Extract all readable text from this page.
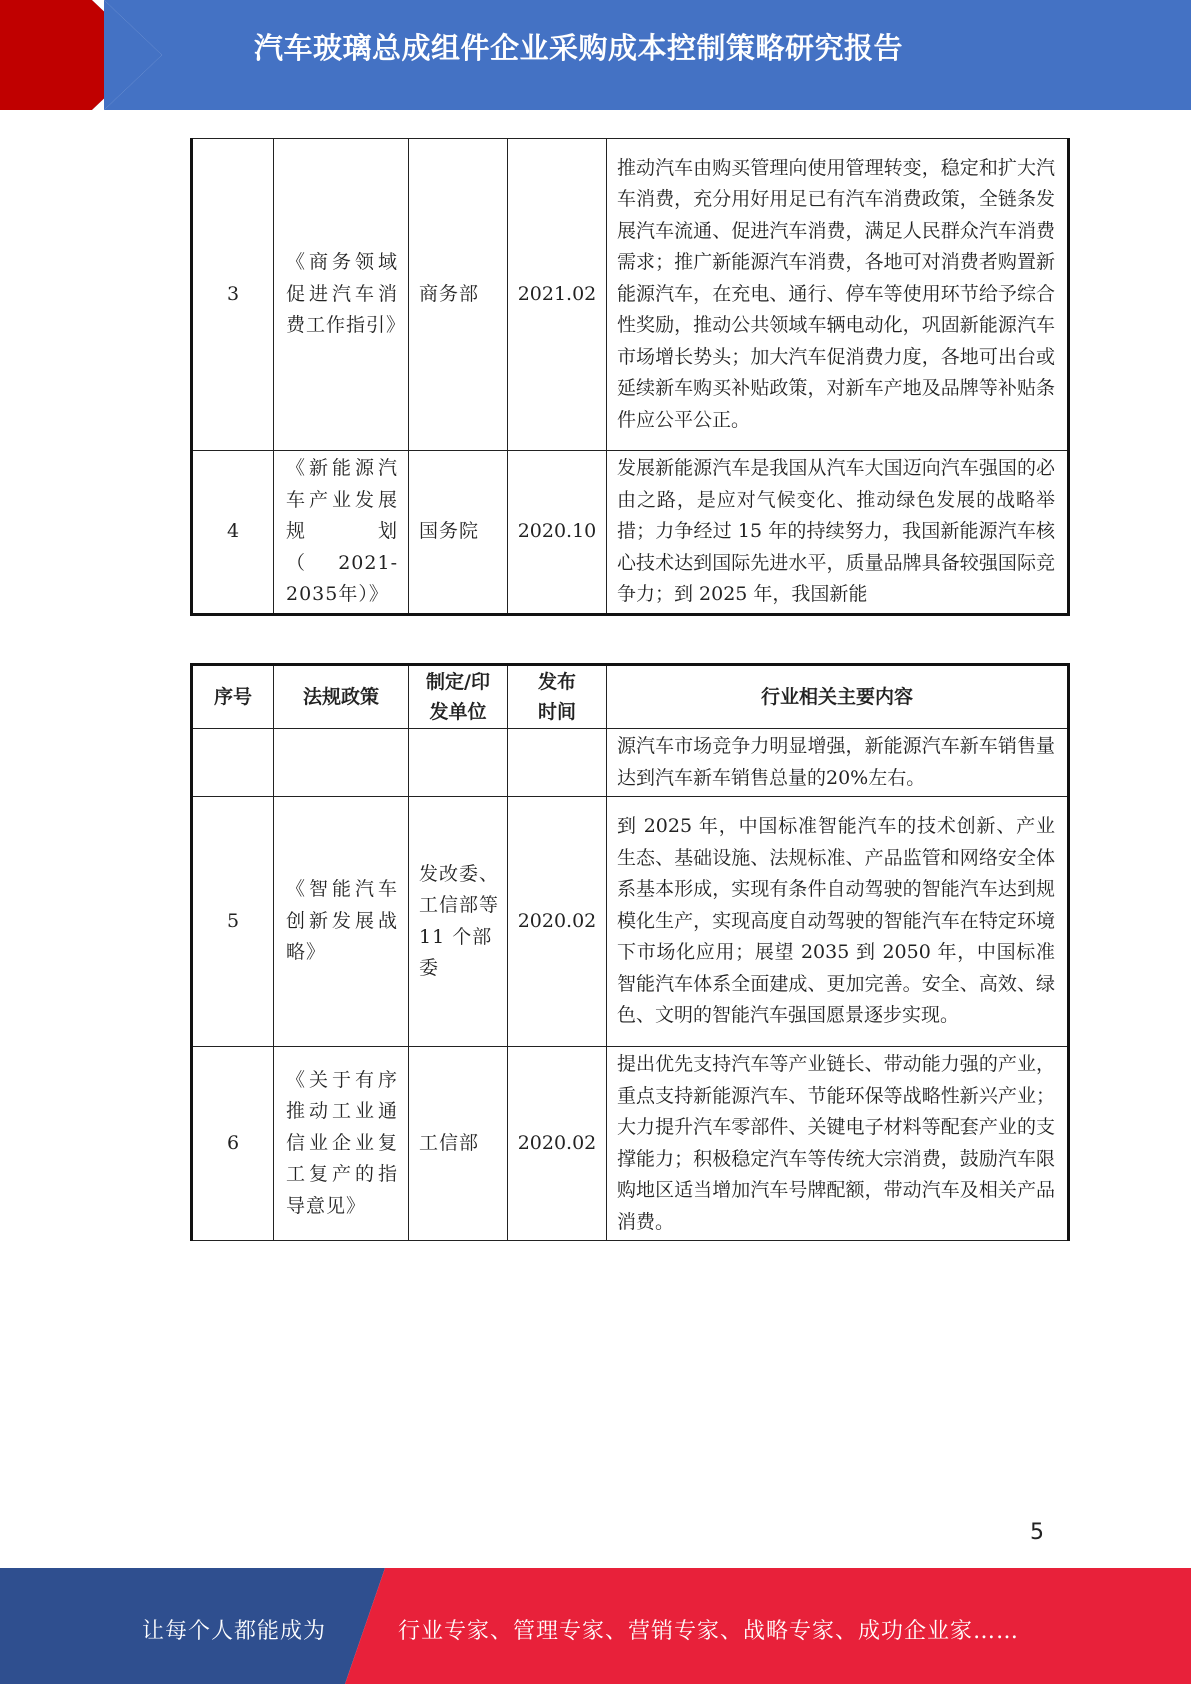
汽车玻璃总成组件企业采购成本控制策略研究报告
3	《商务领域促进汽车消费工作指引》	商务部	2021.02	推动汽车由购买管理向使用管理转变，稳定和扩大汽车消费，充分用好用足已有汽车消费政策，全链条发展汽车流通、促进汽车消费，满足人民群众汽车消费需求；推广新能源汽车消费，各地可对消费者购置新能源汽车，在充电、通行、停车等使用环节给予综合性奖励，推动公共领域车辆电动化，巩固新能源汽车市场增长势头；加大汽车促消费力度，各地可出台或延续新车购买补贴政策，对新车产地及品牌等补贴条件应公平公正。
4	《新能源汽车产业发展规　　划（2021-2035年）》	国务院	2020.10	发展新能源汽车是我国从汽车大国迈向汽车强国的必由之路，是应对气候变化、推动绿色发展的战略举措；力争经过 15 年的持续努力，我国新能源汽车核心技术达到国际先进水平，质量品牌具备较强国际竞争力；到 2025 年，我国新能
序号	法规政策	制定/印发单位	发布时间	行业相关主要内容
				源汽车市场竞争力明显增强，新能源汽车新车销售量达到汽车新车销售总量的20%左右。
5	《智能汽车创新发展战略》	发改委、工信部等 11 个部委	2020.02	到 2025 年，中国标准智能汽车的技术创新、产业生态、基础设施、法规标准、产品监管和网络安全体系基本形成，实现有条件自动驾驶的智能汽车达到规模化生产，实现高度自动驾驶的智能汽车在特定环境下市场化应用；展望 2035 到 2050 年，中国标准智能汽车体系全面建成、更加完善。安全、高效、绿色、文明的智能汽车强国愿景逐步实现。
6	《关于有序推动工业通信业企业复工复产的指导意见》	工信部	2020.02	提出优先支持汽车等产业链长、带动能力强的产业，重点支持新能源汽车、节能环保等战略性新兴产业；大力提升汽车零部件、关键电子材料等配套产业的支撑能力；积极稳定汽车等传统大宗消费，鼓励汽车限购地区适当增加汽车号牌配额，带动汽车及相关产品消费。
5
让每个人都能成为	行业专家、管理专家、营销专家、战略专家、成功企业家……
